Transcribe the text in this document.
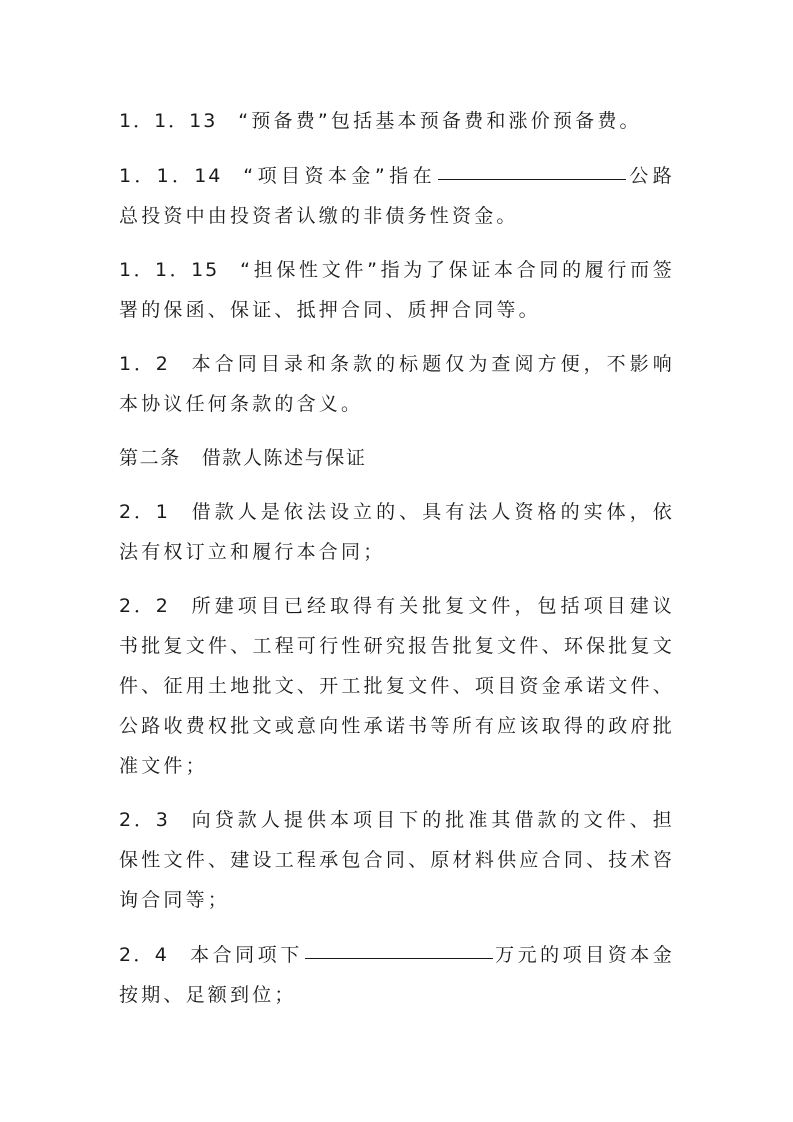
1．1．13 “预备费”包括基本预备费和涨价预备费。

1．1．14 “项目资本金”指在	公路总投资中由投资者认缴的非债务性资金。

1．1．15 “担保性文件”指为了保证本合同的履行而签署的保函、保证、抵押合同、质押合同等。

1．2 本合同目录和条款的标题仅为查阅方便，不影响本协议任何条款的含义。

第二条 借款人陈述与保证

2．1 借款人是依法设立的、具有法人资格的实体，依法有权订立和履行本合同；

2．2 所建项目已经取得有关批复文件，包括项目建议书批复文件、工程可行性研究报告批复文件、环保批复文件、征用土地批文、开工批复文件、项目资金承诺文件、公路收费权批文或意向性承诺书等所有应该取得的政府批准文件；

2．3 向贷款人提供本项目下的批准其借款的文件、担保性文件、建设工程承包合同、原材料供应合同、技术咨询合同等；

2．4 本合同项下	万元的项目资本金按期、足额到位；
